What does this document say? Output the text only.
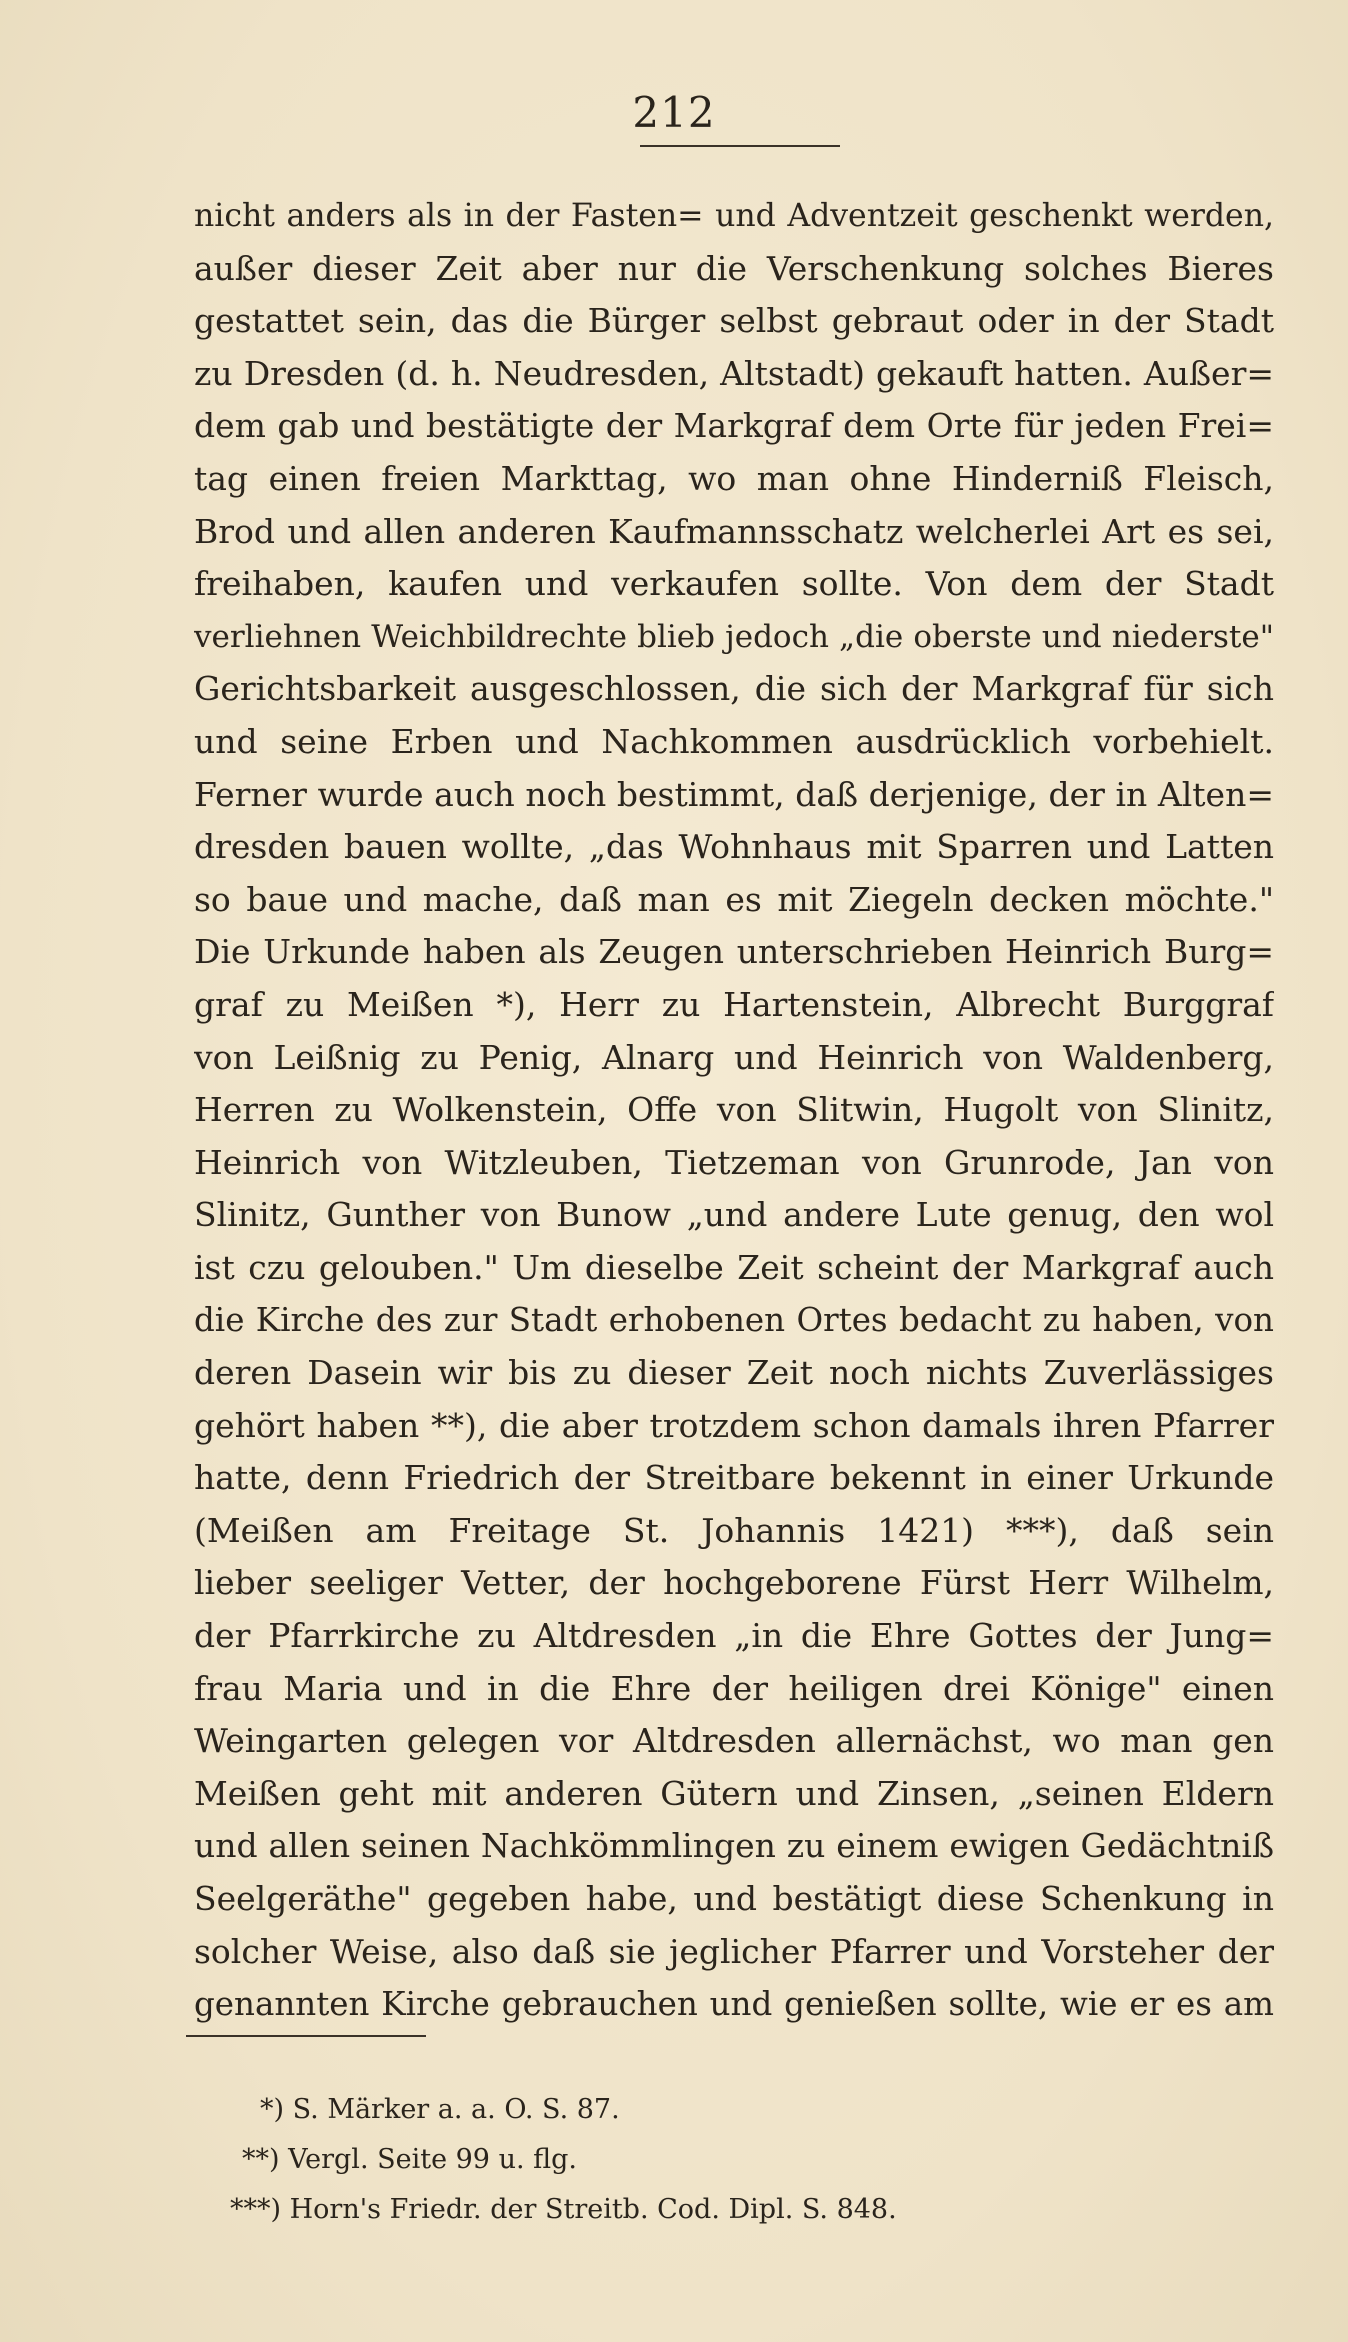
212
nicht anders als in der Fasten= und Adventzeit geschenkt werden,
außer dieser Zeit aber nur die Verschenkung solches Bieres
gestattet sein, das die Bürger selbst gebraut oder in der Stadt
zu Dresden (d. h. Neudresden, Altstadt) gekauft hatten. Außer=
dem gab und bestätigte der Markgraf dem Orte für jeden Frei=
tag einen freien Markttag, wo man ohne Hinderniß Fleisch,
Brod und allen anderen Kaufmannsschatz welcherlei Art es sei,
freihaben, kaufen und verkaufen sollte. Von dem der Stadt
verliehnen Weichbildrechte blieb jedoch „die oberste und niederste"
Gerichtsbarkeit ausgeschlossen, die sich der Markgraf für sich
und seine Erben und Nachkommen ausdrücklich vorbehielt.
Ferner wurde auch noch bestimmt, daß derjenige, der in Alten=
dresden bauen wollte, „das Wohnhaus mit Sparren und Latten
so baue und mache, daß man es mit Ziegeln decken möchte."
Die Urkunde haben als Zeugen unterschrieben Heinrich Burg=
graf zu Meißen *), Herr zu Hartenstein, Albrecht Burggraf
von Leißnig zu Penig, Alnarg und Heinrich von Waldenberg,
Herren zu Wolkenstein, Offe von Slitwin, Hugolt von Slinitz,
Heinrich von Witzleuben, Tietzeman von Grunrode, Jan von
Slinitz, Gunther von Bunow „und andere Lute genug, den wol
ist czu gelouben." Um dieselbe Zeit scheint der Markgraf auch
die Kirche des zur Stadt erhobenen Ortes bedacht zu haben, von
deren Dasein wir bis zu dieser Zeit noch nichts Zuverlässiges
gehört haben **), die aber trotzdem schon damals ihren Pfarrer
hatte, denn Friedrich der Streitbare bekennt in einer Urkunde
(Meißen am Freitage St. Johannis 1421) ***), daß sein
lieber seeliger Vetter, der hochgeborene Fürst Herr Wilhelm,
der Pfarrkirche zu Altdresden „in die Ehre Gottes der Jung=
frau Maria und in die Ehre der heiligen drei Könige" einen
Weingarten gelegen vor Altdresden allernächst, wo man gen
Meißen geht mit anderen Gütern und Zinsen, „seinen Eldern
und allen seinen Nachkömmlingen zu einem ewigen Gedächtniß
Seelgeräthe" gegeben habe, und bestätigt diese Schenkung in
solcher Weise, also daß sie jeglicher Pfarrer und Vorsteher der
genannten Kirche gebrauchen und genießen sollte, wie er es am
*) S. Märker a. a. O. S. 87.
**) Vergl. Seite 99 u. flg.
***) Horn's Friedr. der Streitb. Cod. Dipl. S. 848.
